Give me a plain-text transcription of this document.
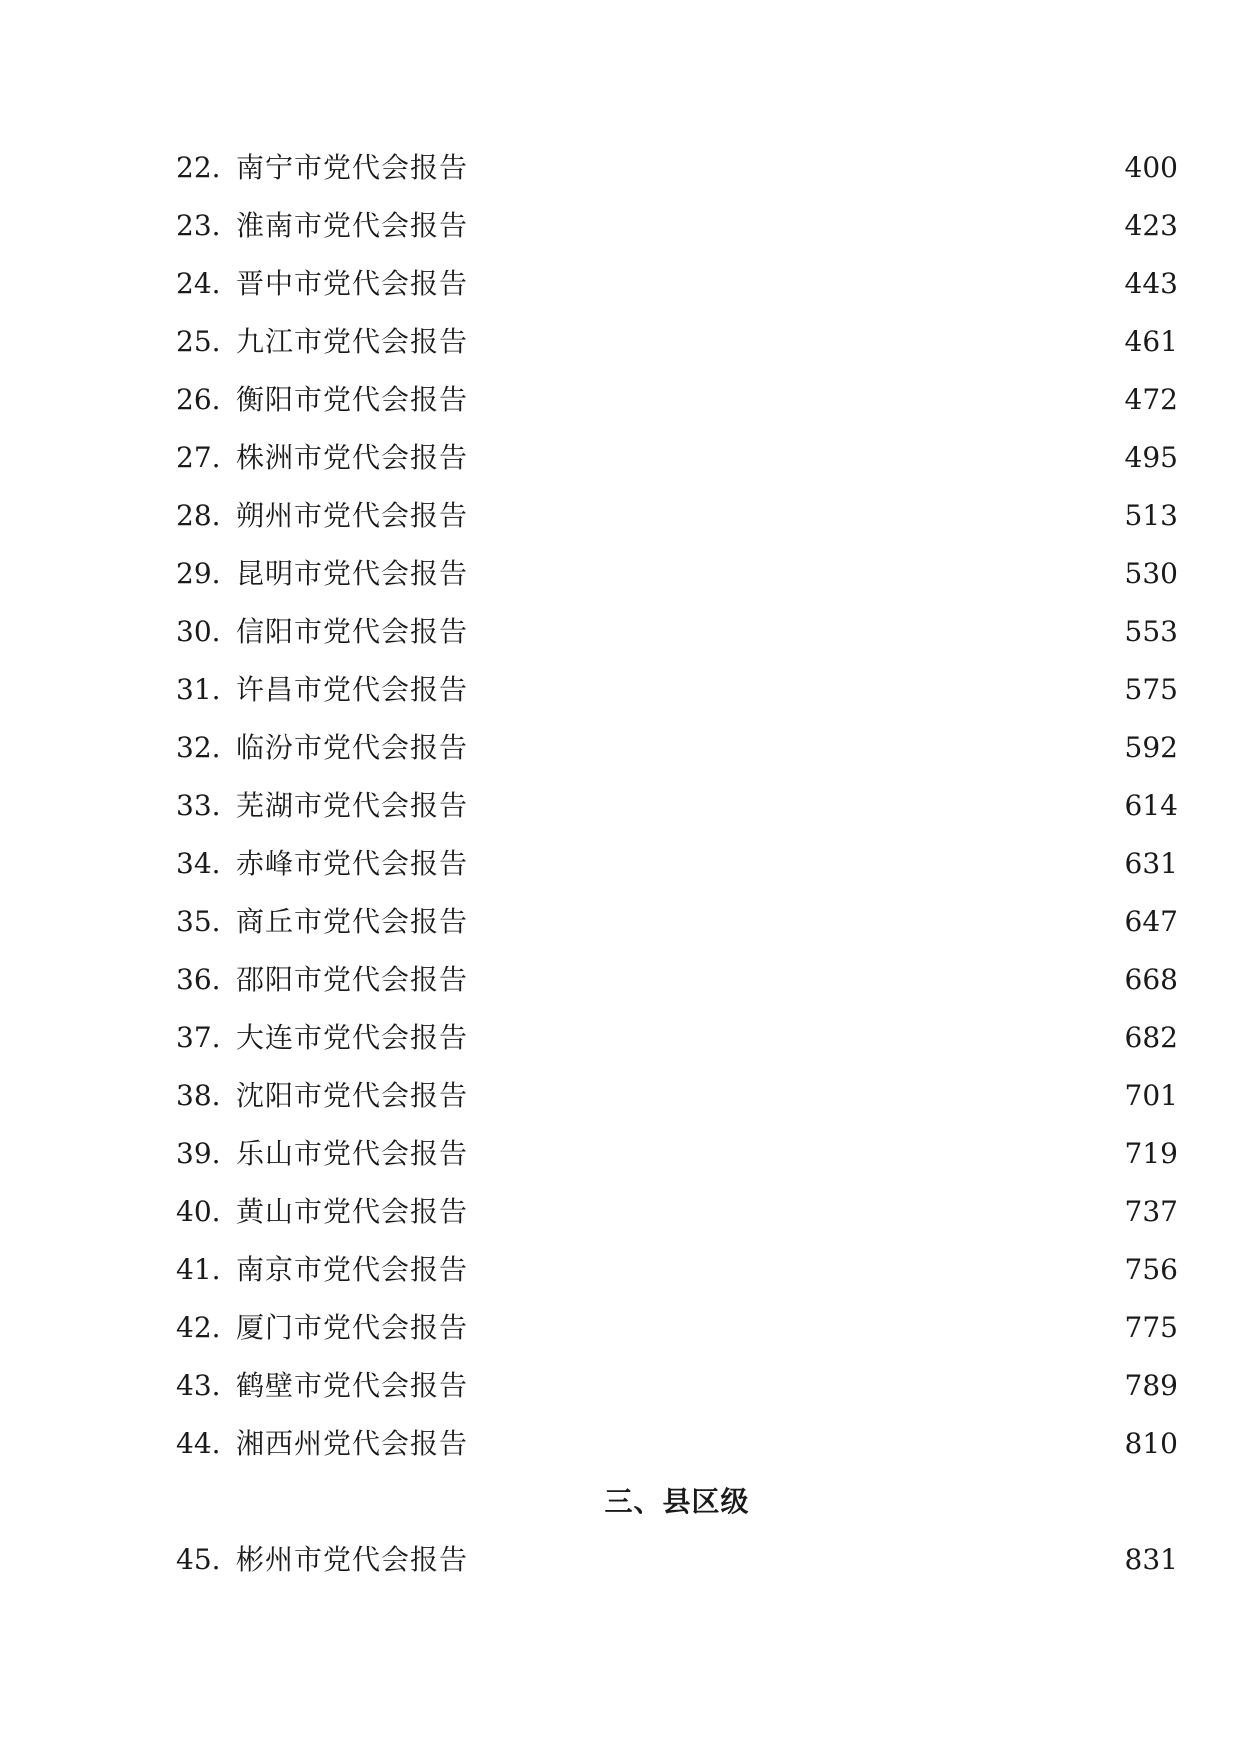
22. 南宁市党代会报告	400
23. 淮南市党代会报告	423
24. 晋中市党代会报告	443
25. 九江市党代会报告	461
26. 衡阳市党代会报告	472
27. 株洲市党代会报告	495
28. 朔州市党代会报告	513
29. 昆明市党代会报告	530
30. 信阳市党代会报告	553
31. 许昌市党代会报告	575
32. 临汾市党代会报告	592
33. 芜湖市党代会报告	614
34. 赤峰市党代会报告	631
35. 商丘市党代会报告	647
36. 邵阳市党代会报告	668
37. 大连市党代会报告	682
38. 沈阳市党代会报告	701
39. 乐山市党代会报告	719
40. 黄山市党代会报告	737
41. 南京市党代会报告	756
42. 厦门市党代会报告	775
43. 鹤壁市党代会报告	789
44. 湘西州党代会报告	810
三、县区级
45. 彬州市党代会报告	831
